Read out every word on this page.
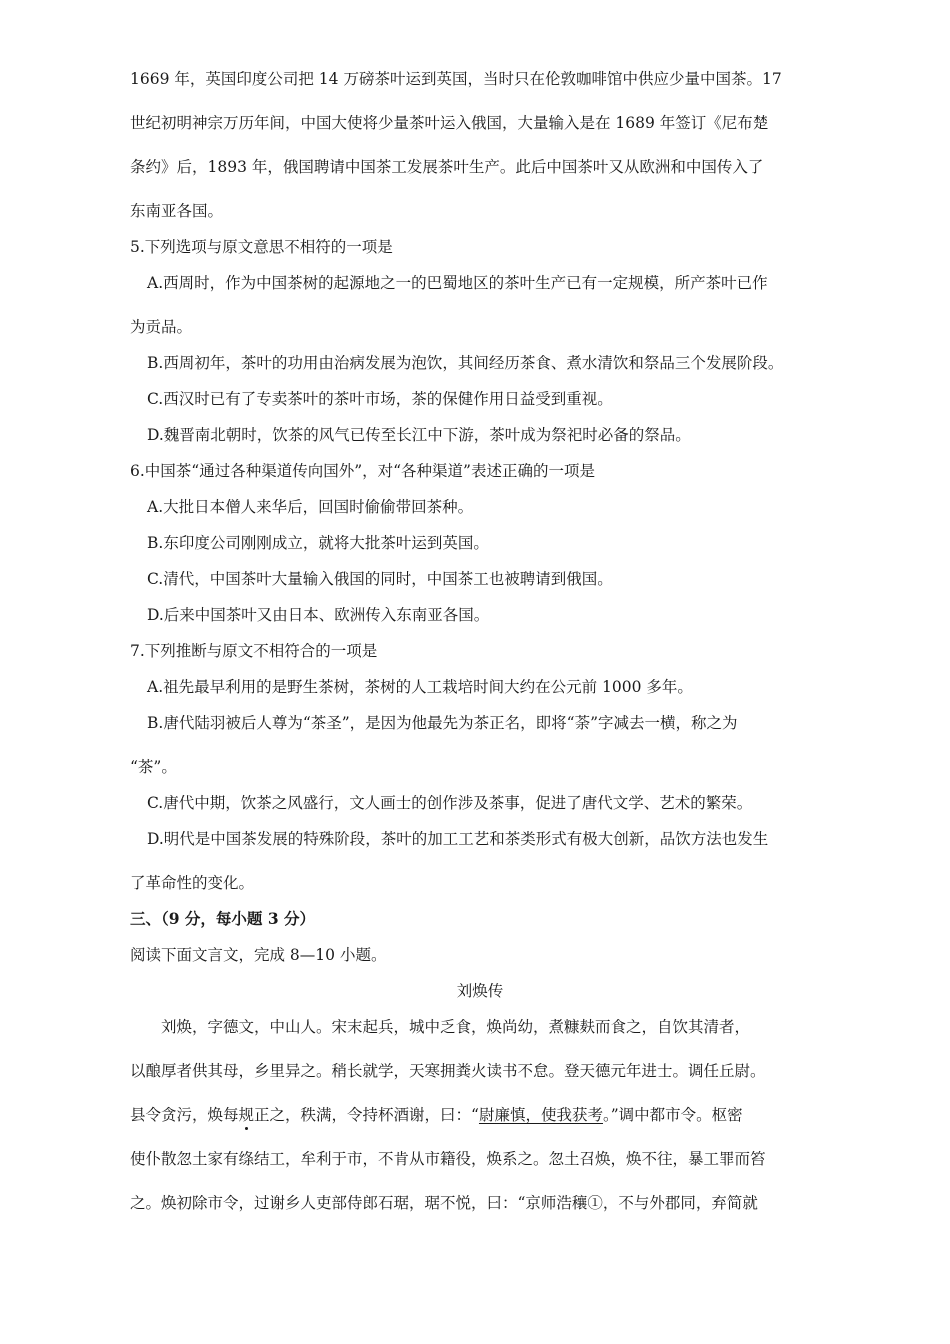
1669 年，英国印度公司把 14 万磅茶叶运到英国，当时只在伦敦咖啡馆中供应少量中国茶。17

世纪初明神宗万历年间，中国大使将少量茶叶运入俄国，大量输入是在 1689 年签订《尼布楚

条约》后，1893 年，俄国聘请中国茶工发展茶叶生产。此后中国茶叶又从欧洲和中国传入了

东南亚各国。

5.下列选项与原文意思不相符的一项是

A.西周时，作为中国茶树的起源地之一的巴蜀地区的茶叶生产已有一定规模，所产茶叶已作

为贡品。

B.西周初年，茶叶的功用由治病发展为泡饮，其间经历茶食、煮水清饮和祭品三个发展阶段。

C.西汉时已有了专卖茶叶的茶叶市场，茶的保健作用日益受到重视。

D.魏晋南北朝时，饮茶的风气已传至长江中下游，茶叶成为祭祀时必备的祭品。

6.中国茶“通过各种渠道传向国外”，对“各种渠道”表述正确的一项是

A.大批日本僧人来华后，回国时偷偷带回茶种。

B.东印度公司刚刚成立，就将大批茶叶运到英国。

C.清代，中国茶叶大量输入俄国的同时，中国茶工也被聘请到俄国。

D.后来中国茶叶又由日本、欧洲传入东南亚各国。

7.下列推断与原文不相符合的一项是

A.祖先最早利用的是野生茶树，茶树的人工栽培时间大约在公元前 1000 多年。

B.唐代陆羽被后人尊为“茶圣”，是因为他最先为茶正名，即将“荼”字减去一横，称之为

“茶”。

C.唐代中期，饮茶之风盛行，文人画士的创作涉及茶事，促进了唐代文学、艺术的繁荣。

D.明代是中国茶发展的特殊阶段，茶叶的加工工艺和茶类形式有极大创新，品饮方法也发生

了革命性的变化。

三、（9 分，每小题 3 分）

阅读下面文言文，完成 8—10 小题。

刘焕传

刘焕，字德文，中山人。宋末起兵，城中乏食，焕尚幼，煮糠麸而食之，自饮其清者，

以酿厚者供其母，乡里异之。稍长就学，天寒拥粪火读书不怠。登天德元年进士。调任丘尉。

县令贪污，焕每规正之，秩满，令持杯酒谢，曰：“尉廉慎，使我获考。”调中都市令。枢密

使仆散忽土家有绦结工，牟利于市，不肯从市籍役，焕系之。忽土召焕，焕不往，暴工罪而笞

之。焕初除市令，过谢乡人吏部侍郎石琚，琚不悦，曰：“京师浩穰①，不与外郡同，弃简就
